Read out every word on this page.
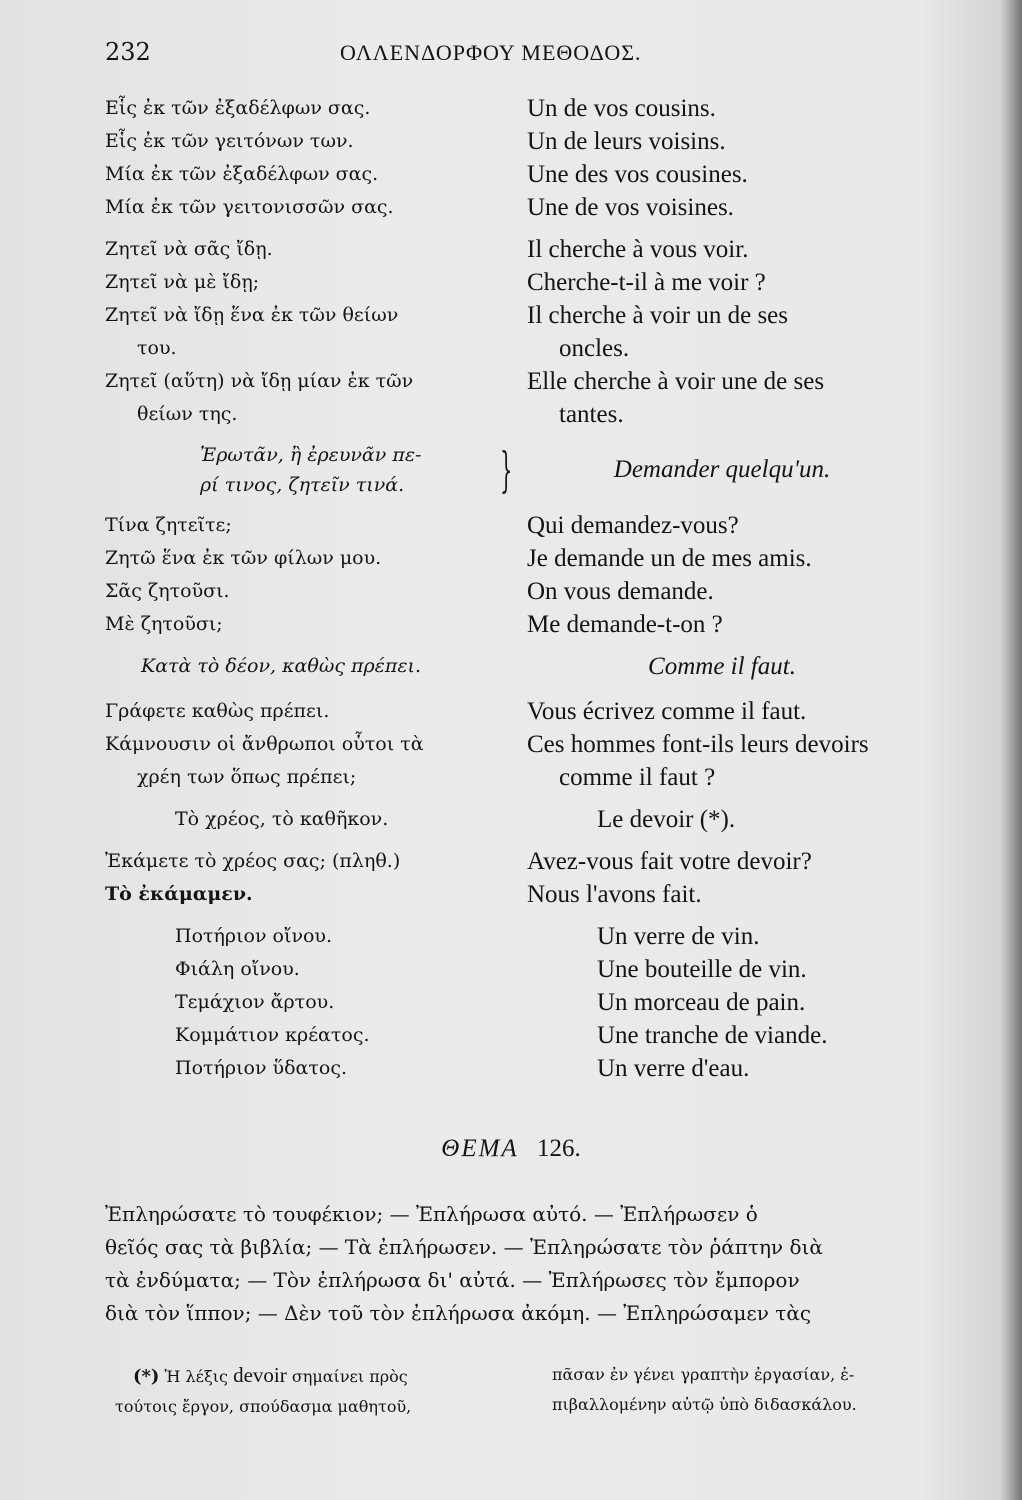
232	ΟΛΛΕΝΔΟΡΦΟΥ ΜΕΘΟΔΟΣ.
Εἷς ἐκ τῶν ἐξαδέλφων σας.
Εἷς ἐκ τῶν γειτόνων των.
Μία ἐκ τῶν ἐξαδέλφων σας.
Μία ἐκ τῶν γειτονισσῶν σας.
Ζητεῖ νὰ σᾶς ἴδῃ.
Ζητεῖ νὰ μὲ ἴδῃ;
Ζητεῖ νὰ ἴδῃ ἕνα ἐκ τῶν θείων
του.
Ζητεῖ (αὕτη) νὰ ἴδῃ μίαν ἐκ τῶν
θείων της.
Ἐρωτᾶν, ἢ ἐρευνᾶν πε-
ρί τινος, ζητεῖν τινά.	}
Τίνα ζητεῖτε;
Ζητῶ ἕνα ἐκ τῶν φίλων μου.
Σᾶς ζητοῦσι.
Μὲ ζητοῦσι;
Κατὰ τὸ δέον, καθὼς πρέπει.
Γράφετε καθὼς πρέπει.
Κάμνουσιν οἱ ἄνθρωποι οὗτοι τὰ
χρέη των ὅπως πρέπει;
Τὸ χρέος, τὸ καθῆκον.
Ἐκάμετε τὸ χρέος σας; (πληθ.)
Τὸ ἐκάμαμεν.
Ποτήριον οἴνου.
Φιάλη οἴνου.
Τεμάχιον ἄρτου.
Κομμάτιον κρέατος.
Ποτήριον ὕδατος.
Un de vos cousins.
Un de leurs voisins.
Une des vos cousines.
Une de vos voisines.
Il cherche à vous voir.
Cherche-t-il à me voir ?
Il cherche à voir un de ses
oncles.
Elle cherche à voir une de ses
tantes.
Demander quelqu'un.
Qui demandez-vous?
Je demande un de mes amis.
On vous demande.
Me demande-t-on ?
Comme il faut.
Vous écrivez comme il faut.
Ces hommes font-ils leurs devoirs
comme il faut ?
Le devoir (*).
Avez-vous fait votre devoir?
Nous l'avons fait.
Un verre de vin.
Une bouteille de vin.
Un morceau de pain.
Une tranche de viande.
Un verre d'eau.
ΘΕΜΑ 126.
Ἐπληρώσατε τὸ τουφέκιον; — Ἐπλήρωσα αὐτό. — Ἐπλήρωσεν ὁ
θεῖός σας τὰ βιβλία; — Τὰ ἐπλήρωσεν. — Ἐπληρώσατε τὸν ῥάπτην διὰ
τὰ ἐνδύματα; — Τὸν ἐπλήρωσα δι' αὐτά. — Ἐπλήρωσες τὸν ἔμπορον
διὰ τὸν ἵππον; — Δὲν τοῦ τὸν ἐπλήρωσα ἀκόμη. — Ἐπληρώσαμεν τὰς
(*) Ἡ λέξις devoir σημαίνει πρὸς
τούτοις ἔργον, σπούδασμα μαθητοῦ,
πᾶσαν ἐν γένει γραπτὴν ἐργασίαν, ἐ-
πιβαλλομένην αὐτῷ ὑπὸ διδασκάλου.
